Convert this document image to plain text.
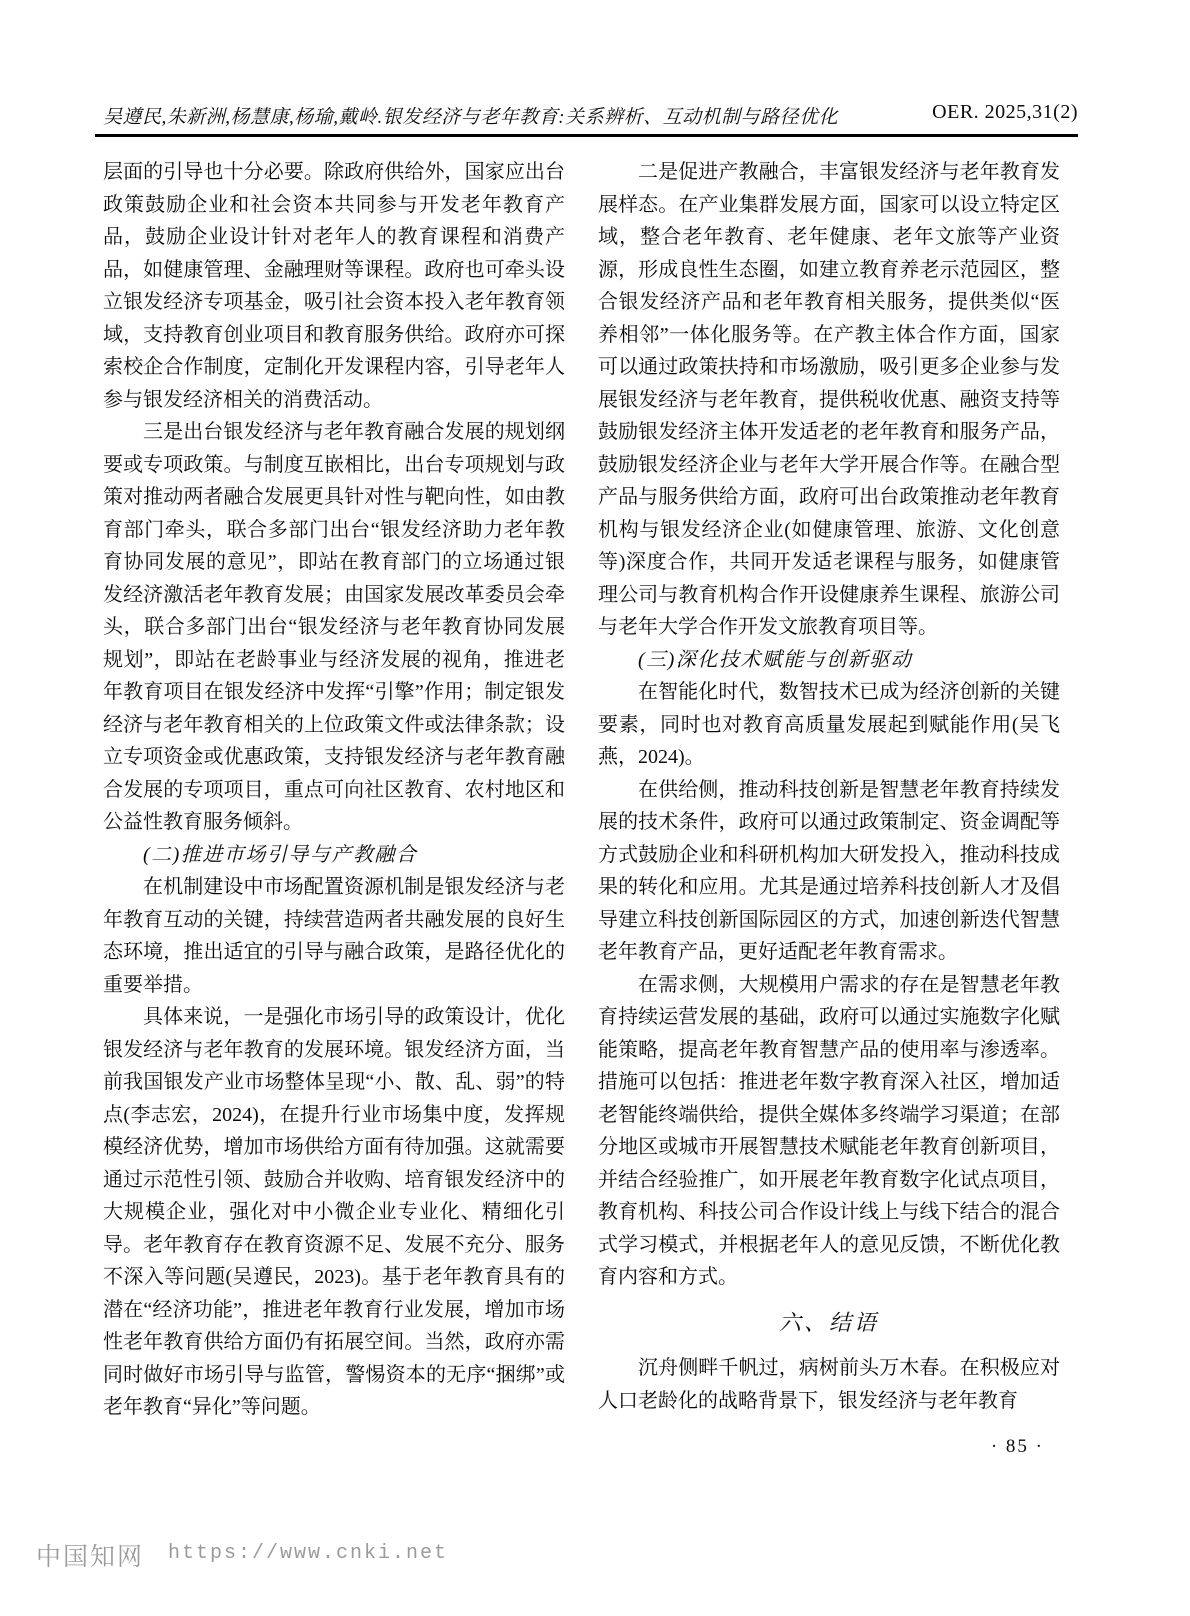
吴遵民,朱新洲,杨慧康,杨瑜,戴岭.银发经济与老年教育:关系辨析、互动机制与路径优化	OER. 2025,31(2)

层面的引导也十分必要。除政府供给外，国家应出台政策鼓励企业和社会资本共同参与开发老年教育产品，鼓励企业设计针对老年人的教育课程和消费产品，如健康管理、金融理财等课程。政府也可牵头设立银发经济专项基金，吸引社会资本投入老年教育领域，支持教育创业项目和教育服务供给。政府亦可探索校企合作制度，定制化开发课程内容，引导老年人参与银发经济相关的消费活动。

三是出台银发经济与老年教育融合发展的规划纲要或专项政策。与制度互嵌相比，出台专项规划与政策对推动两者融合发展更具针对性与靶向性，如由教育部门牵头，联合多部门出台“银发经济助力老年教育协同发展的意见”，即站在教育部门的立场通过银发经济激活老年教育发展；由国家发展改革委员会牵头，联合多部门出台“银发经济与老年教育协同发展规划”，即站在老龄事业与经济发展的视角，推进老年教育项目在银发经济中发挥“引擎”作用；制定银发经济与老年教育相关的上位政策文件或法律条款；设立专项资金或优惠政策，支持银发经济与老年教育融合发展的专项项目，重点可向社区教育、农村地区和公益性教育服务倾斜。

(二)推进市场引导与产教融合

在机制建设中市场配置资源机制是银发经济与老年教育互动的关键，持续营造两者共融发展的良好生态环境，推出适宜的引导与融合政策，是路径优化的重要举措。

具体来说，一是强化市场引导的政策设计，优化银发经济与老年教育的发展环境。银发经济方面，当前我国银发产业市场整体呈现“小、散、乱、弱”的特点(李志宏，2024)，在提升行业市场集中度，发挥规模经济优势，增加市场供给方面有待加强。这就需要通过示范性引领、鼓励合并收购、培育银发经济中的大规模企业，强化对中小微企业专业化、精细化引导。老年教育存在教育资源不足、发展不充分、服务不深入等问题(吴遵民，2023)。基于老年教育具有的潜在“经济功能”，推进老年教育行业发展，增加市场性老年教育供给方面仍有拓展空间。当然，政府亦需同时做好市场引导与监管，警惕资本的无序“捆绑”或老年教育“异化”等问题。

二是促进产教融合，丰富银发经济与老年教育发展样态。在产业集群发展方面，国家可以设立特定区域，整合老年教育、老年健康、老年文旅等产业资源，形成良性生态圈，如建立教育养老示范园区，整合银发经济产品和老年教育相关服务，提供类似“医养相邻”一体化服务等。在产教主体合作方面，国家可以通过政策扶持和市场激励，吸引更多企业参与发展银发经济与老年教育，提供税收优惠、融资支持等鼓励银发经济主体开发适老的老年教育和服务产品，鼓励银发经济企业与老年大学开展合作等。在融合型产品与服务供给方面，政府可出台政策推动老年教育机构与银发经济企业(如健康管理、旅游、文化创意等)深度合作，共同开发适老课程与服务，如健康管理公司与教育机构合作开设健康养生课程、旅游公司与老年大学合作开发文旅教育项目等。

(三)深化技术赋能与创新驱动

在智能化时代，数智技术已成为经济创新的关键要素，同时也对教育高质量发展起到赋能作用(吴飞燕，2024)。

在供给侧，推动科技创新是智慧老年教育持续发展的技术条件，政府可以通过政策制定、资金调配等方式鼓励企业和科研机构加大研发投入，推动科技成果的转化和应用。尤其是通过培养科技创新人才及倡导建立科技创新国际园区的方式，加速创新迭代智慧老年教育产品，更好适配老年教育需求。

在需求侧，大规模用户需求的存在是智慧老年教育持续运营发展的基础，政府可以通过实施数字化赋能策略，提高老年教育智慧产品的使用率与渗透率。措施可以包括：推进老年数字教育深入社区，增加适老智能终端供给，提供全媒体多终端学习渠道；在部分地区或城市开展智慧技术赋能老年教育创新项目，并结合经验推广，如开展老年教育数字化试点项目，教育机构、科技公司合作设计线上与线下结合的混合式学习模式，并根据老年人的意见反馈，不断优化教育内容和方式。

六、结语

沉舟侧畔千帆过，病树前头万木春。在积极应对人口老龄化的战略背景下，银发经济与老年教育

· 85 ·

中国知网 https://www.cnki.net
